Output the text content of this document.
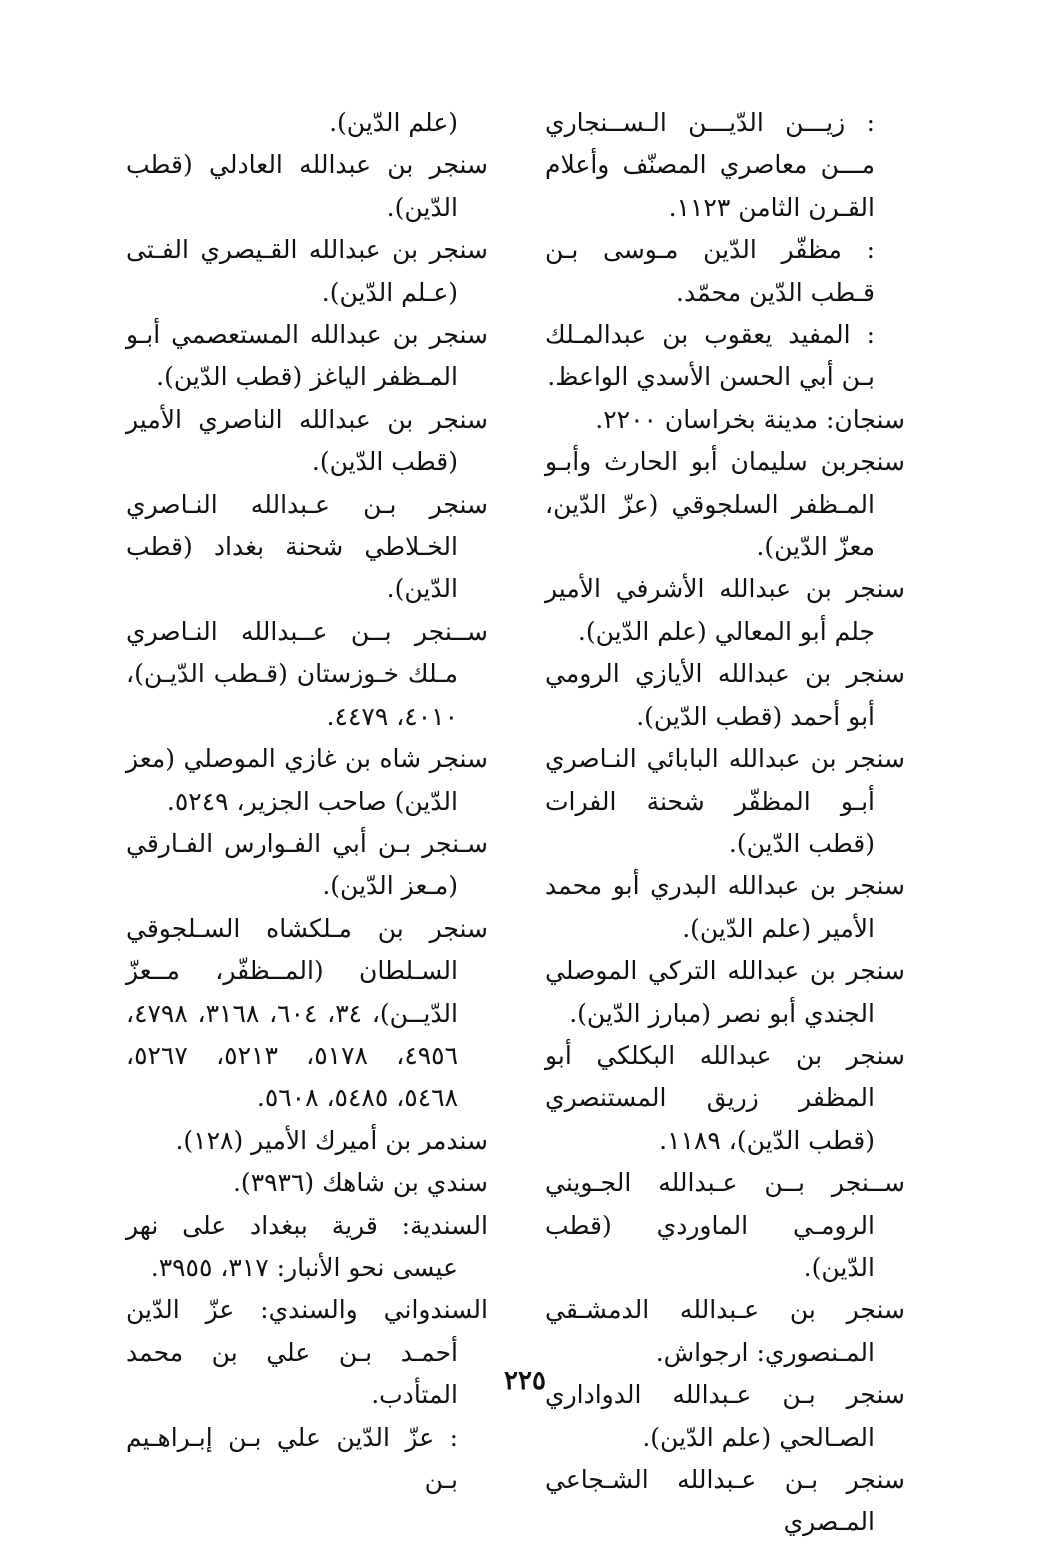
: زيـــن الدّيـــن الـســنجاري مـــن معاصري المصنّف وأعلام القـرن الثامن ١١٢٣.

: مظفّر الدّين مـوسى بـن قـطب الدّين محمّد.

: المفيد يعقوب بن عبدالمـلك بـن أبي الحسن الأسدي الواعظ.

سنجان: مدينة بخراسان ٢٢٠٠.

سنجربن سليمان أبو الحارث وأبـو المـظفر السلجوقي (عزّ الدّين، معزّ الدّين).

سنجر بن عبدالله الأشرفي الأمير جلم أبو المعالي (علم الدّين).

سنجر بن عبدالله الأيازي الرومي أبو أحمد (قطب الدّين).

سنجر بن عبدالله البابائي النـاصري أبـو المظفّر شحنة الفرات (قطب الدّين).

سنجر بن عبدالله البدري أبو محمد الأمير (علم الدّين).

سنجر بن عبدالله التركي الموصلي الجندي أبو نصر (مبارز الدّين).

سنجر بن عبدالله البكلكي أبو المظفر زريق المستنصري (قطب الدّين)، ١١٨٩.

ســنجر بــن عـبدالله الجـويني الرومـي الماوردي (قطب الدّين).

سنجر بن عـبدالله الدمشـقي المـنصوري: ارجواش.

سنجر بـن عـبدالله الدواداري الصـالحي (علم الدّين).

سنجر بـن عـبدالله الشـجاعي المـصري

(علم الدّين).

سنجر بن عبدالله العادلي (قطب الدّين).

سنجر بن عبدالله القـيصري الفـتى (عـلم الدّين).

سنجر بن عبدالله المستعصمي أبـو المـظفر الياغز (قطب الدّين).

سنجر بن عبدالله الناصري الأمير (قطب الدّين).

سنجر بـن عـبدالله النـاصري الخـلاطي شحنة بغداد (قطب الدّين).

ســنجر بــن عــبدالله النـاصري مـلك خـوزستان (قـطب الدّيـن)، ٤٠١٠، ٤٤٧٩.

سنجر شاه بن غازي الموصلي (معز الدّين) صاحب الجزير، ٥٢٤٩.

سـنجر بـن أبي الفـوارس الفـارقي (مـعز الدّين).

سنجر بن مـلكشاه السـلجوقي السـلطان (المــظفّر، مــعزّ الدّيــن)، ٣٤، ٦٠٤، ٣١٦٨، ٤٧٩٨، ٤٩٥٦، ٥١٧٨، ٥٢١٣، ٥٢٦٧، ٥٤٦٨، ٥٤٨٥، ٥٦٠٨.

سندمر بن أميرك الأمير (١٢٨).

سندي بن شاهك (٣٩٣٦).

السندية: قرية ببغداد على نهر عيسى نحو الأنبار: ٣١٧، ٣٩٥٥.

السندواني والسندي: عزّ الدّين أحمـد بـن علي بن محمد المتأدب.

: عزّ الدّين علي بـن إبـراهـيم بـن

٢٢٥
